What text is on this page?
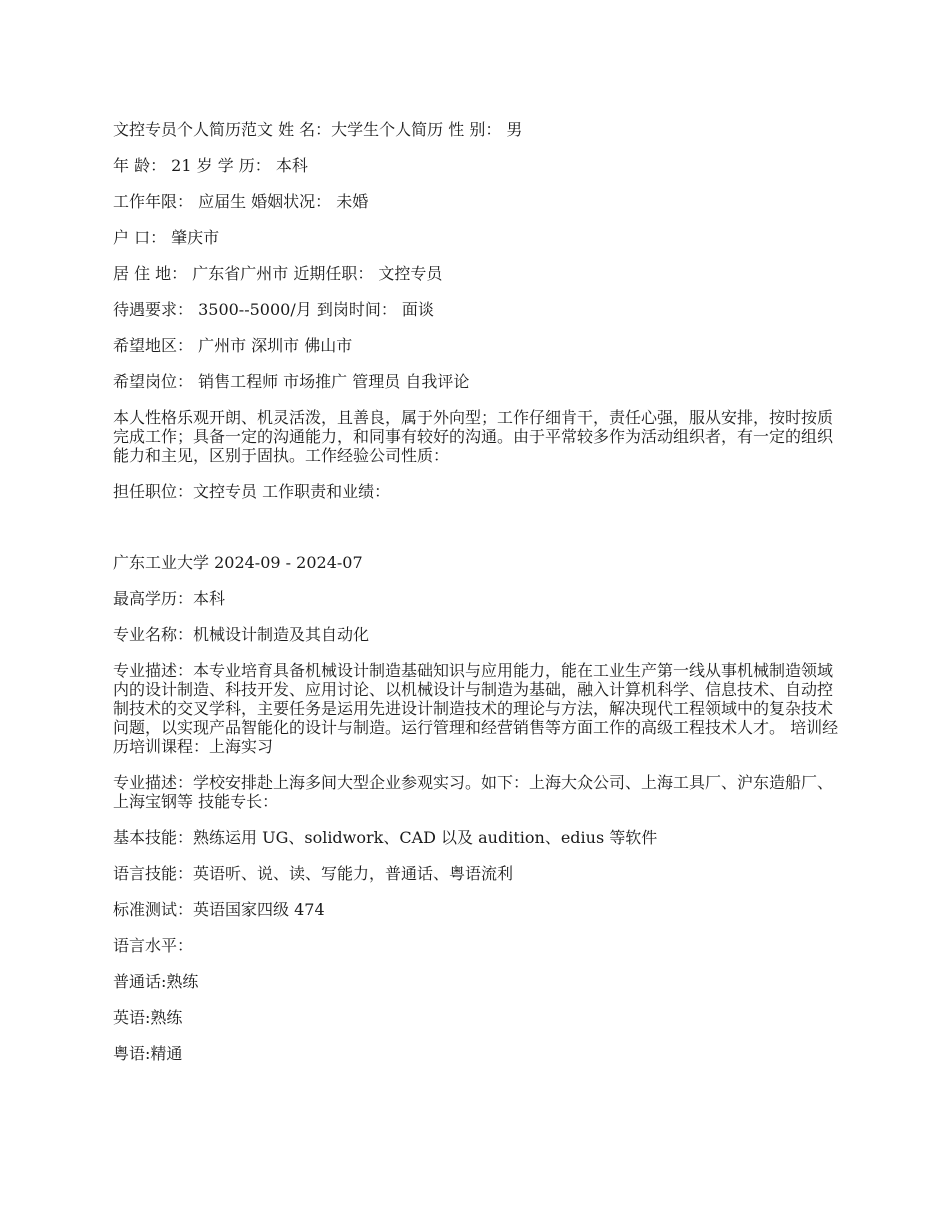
文控专员个人简历范文 姓 名：大学生个人简历 性 别： 男

年 龄： 21 岁 学 历： 本科

工作年限： 应届生 婚姻状况： 未婚

户 口： 肇庆市

居 住 地： 广东省广州市 近期任职： 文控专员

待遇要求： 3500--5000/月 到岗时间： 面谈

希望地区： 广州市 深圳市 佛山市

希望岗位： 销售工程师 市场推广 管理员 自我评论

本人性格乐观开朗、机灵活泼，且善良，属于外向型；工作仔细肯干，责任心强，服从安排，按时按质完成工作；具备一定的沟通能力，和同事有较好的沟通。由于平常较多作为活动组织者，有一定的组织能力和主见，区别于固执。工作经验公司性质：

担任职位：文控专员 工作职责和业绩：

广东工业大学 2024-09 - 2024-07

最高学历：本科

专业名称：机械设计制造及其自动化

专业描述：本专业培育具备机械设计制造基础知识与应用能力，能在工业生产第一线从事机械制造领域内的设计制造、科技开发、应用讨论、以机械设计与制造为基础，融入计算机科学、信息技术、自动控制技术的交叉学科，主要任务是运用先进设计制造技术的理论与方法，解决现代工程领域中的复杂技术问题，以实现产品智能化的设计与制造。运行管理和经营销售等方面工作的高级工程技术人才。 培训经历培训课程：上海实习

专业描述：学校安排赴上海多间大型企业参观实习。如下：上海大众公司、上海工具厂、沪东造船厂、上海宝钢等 技能专长：

基本技能：熟练运用 UG、solidwork、CAD 以及 audition、edius 等软件

语言技能：英语听、说、读、写能力，普通话、粤语流利

标准测试：英语国家四级 474

语言水平：

普通话:熟练

英语:熟练

粤语:精通
